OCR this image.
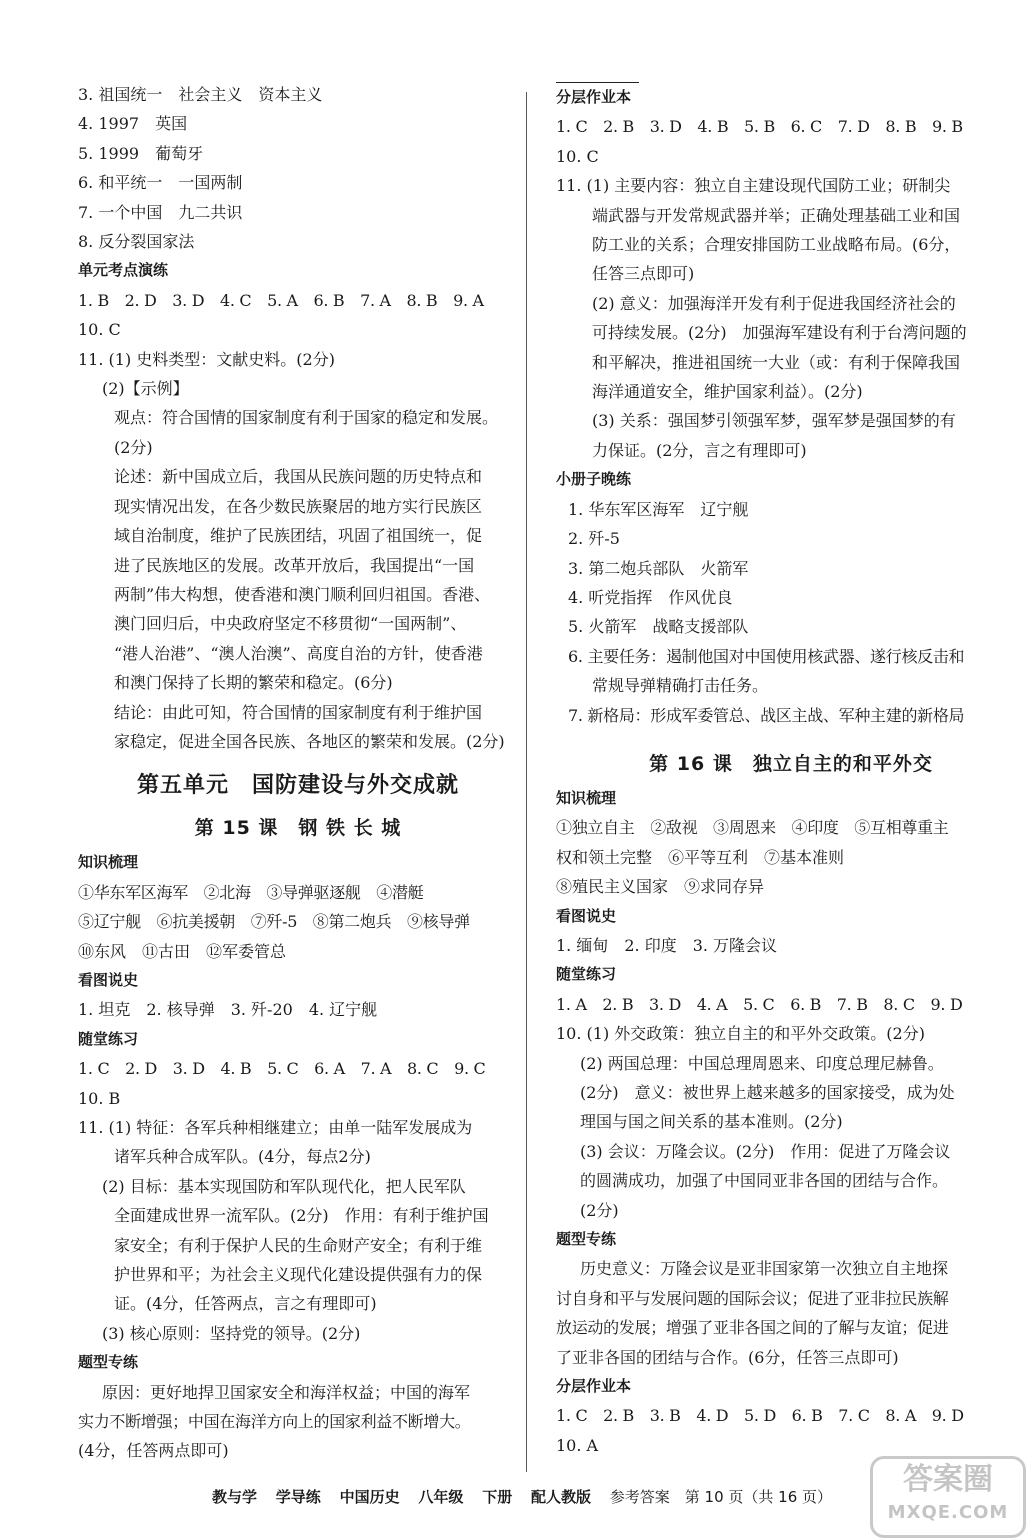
3. 祖国统一　社会主义　资本主义
4. 1997　英国
5. 1999　葡萄牙
6. 和平统一　一国两制
7. 一个中国　九二共识
8. 反分裂国家法
单元考点演练
1. B　2. D　3. D　4. C　5. A　6. B　7. A　8. B　9. A
10. C
11. (1) 史料类型：文献史料。(2分)
(2)【示例】
观点：符合国情的国家制度有利于国家的稳定和发展。
(2分)
论述：新中国成立后，我国从民族问题的历史特点和
现实情况出发，在各少数民族聚居的地方实行民族区
域自治制度，维护了民族团结，巩固了祖国统一，促
进了民族地区的发展。改革开放后，我国提出“一国
两制”伟大构想，使香港和澳门顺利回归祖国。香港、
澳门回归后，中央政府坚定不移贯彻“一国两制”、
“港人治港”、“澳人治澳”、高度自治的方针，使香港
和澳门保持了长期的繁荣和稳定。(6分)
结论：由此可知，符合国情的国家制度有利于维护国
家稳定，促进全国各民族、各地区的繁荣和发展。(2分)
第五单元　国防建设与外交成就
第 15 课　钢 铁 长 城
知识梳理
①华东军区海军　②北海　③导弹驱逐舰　④潜艇
⑤辽宁舰　⑥抗美援朝　⑦歼-5　⑧第二炮兵　⑨核导弹
⑩东风　⑪古田　⑫军委管总
看图说史
1. 坦克　2. 核导弹　3. 歼-20　4. 辽宁舰
随堂练习
1. C　2. D　3. D　4. B　5. C　6. A　7. A　8. C　9. C
10. B
11. (1) 特征：各军兵种相继建立；由单一陆军发展成为
诸军兵种合成军队。(4分，每点2分)
(2) 目标：基本实现国防和军队现代化，把人民军队
全面建成世界一流军队。(2分)　作用：有利于维护国
家安全；有利于保护人民的生命财产安全；有利于维
护世界和平；为社会主义现代化建设提供强有力的保
证。(4分，任答两点，言之有理即可)
(3) 核心原则：坚持党的领导。(2分)
题型专练
原因：更好地捍卫国家安全和海洋权益；中国的海军
实力不断增强；中国在海洋方向上的国家利益不断增大。
(4分，任答两点即可)
分层作业本
1. C　2. B　3. D　4. B　5. B　6. C　7. D　8. B　9. B
10. C
11. (1) 主要内容：独立自主建设现代国防工业；研制尖
端武器与开发常规武器并举；正确处理基础工业和国
防工业的关系；合理安排国防工业战略布局。(6分，
任答三点即可)
(2) 意义：加强海洋开发有利于促进我国经济社会的
可持续发展。(2分)　加强海军建设有利于台湾问题的
和平解决，推进祖国统一大业（或：有利于保障我国
海洋通道安全，维护国家利益）。(2分)
(3) 关系：强国梦引领强军梦，强军梦是强国梦的有
力保证。(2分，言之有理即可)
小册子晚练
1. 华东军区海军　辽宁舰
2. 歼-5
3. 第二炮兵部队　火箭军
4. 听党指挥　作风优良
5. 火箭军　战略支援部队
6. 主要任务：遏制他国对中国使用核武器、遂行核反击和
常规导弹精确打击任务。
7. 新格局：形成军委管总、战区主战、军种主建的新格局
第 16 课　独立自主的和平外交
知识梳理
①独立自主　②敌视　③周恩来　④印度　⑤互相尊重主
权和领土完整　⑥平等互利　⑦基本准则
⑧殖民主义国家　⑨求同存异
看图说史
1. 缅甸　2. 印度　3. 万隆会议
随堂练习
1. A　2. B　3. D　4. A　5. C　6. B　7. B　8. C　9. D
10. (1) 外交政策：独立自主的和平外交政策。(2分)
(2) 两国总理：中国总理周恩来、印度总理尼赫鲁。
(2分)　意义：被世界上越来越多的国家接受，成为处
理国与国之间关系的基本准则。(2分)
(3) 会议：万隆会议。(2分)　作用：促进了万隆会议
的圆满成功，加强了中国同亚非各国的团结与合作。
(2分)
题型专练
历史意义：万隆会议是亚非国家第一次独立自主地探
讨自身和平与发展问题的国际会议；促进了亚非拉民族解
放运动的发展；增强了亚非各国之间的了解与友谊；促进
了亚非各国的团结与合作。(6分，任答三点即可)
分层作业本
1. C　2. B　3. B　4. D　5. D　6. B　7. C　8. A　9. D
10. A
教与学 学导练 中国历史 八年级 下册 配人教版 参考答案　第 10 页（共 16 页）	答案圈
MXQE.COM
